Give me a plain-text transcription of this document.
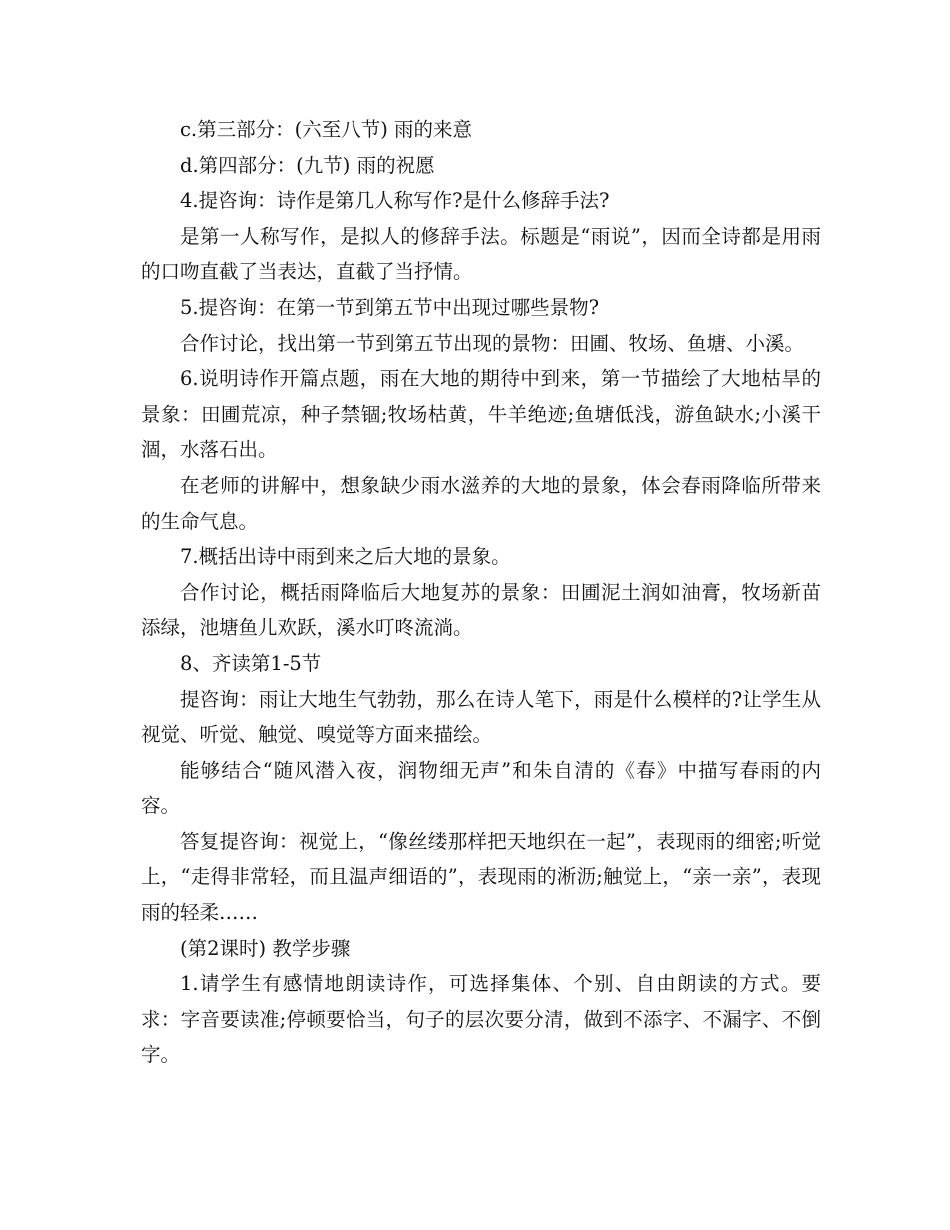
c.第三部分：(六至八节) 雨的来意

d.第四部分：(九节) 雨的祝愿

4.提咨询：诗作是第几人称写作?是什么修辞手法?

是第一人称写作，是拟人的修辞手法。标题是“雨说”，因而全诗都是用雨的口吻直截了当表达，直截了当抒情。

5.提咨询：在第一节到第五节中出现过哪些景物?

合作讨论，找出第一节到第五节出现的景物：田圃、牧场、鱼塘、小溪。

6.说明诗作开篇点题，雨在大地的期待中到来，第一节描绘了大地枯旱的景象：田圃荒凉，种子禁锢;牧场枯黄，牛羊绝迹;鱼塘低浅，游鱼缺水;小溪干涸，水落石出。

在老师的讲解中，想象缺少雨水滋养的大地的景象，体会春雨降临所带来的生命气息。

7.概括出诗中雨到来之后大地的景象。

合作讨论，概括雨降临后大地复苏的景象：田圃泥土润如油膏，牧场新苗添绿，池塘鱼儿欢跃，溪水叮咚流淌。

8、齐读第1-5节

提咨询：雨让大地生气勃勃，那么在诗人笔下，雨是什么模样的?让学生从视觉、听觉、触觉、嗅觉等方面来描绘。

能够结合“随风潜入夜，润物细无声”和朱自清的《春》中描写春雨的内容。

答复提咨询：视觉上，“像丝缕那样把天地织在一起”，表现雨的细密;听觉上，“走得非常轻，而且温声细语的”，表现雨的淅沥;触觉上，“亲一亲”，表现雨的轻柔……

(第2课时) 教学步骤

1.请学生有感情地朗读诗作，可选择集体、个别、自由朗读的方式。要求：字音要读准;停顿要恰当，句子的层次要分清，做到不添字、不漏字、不倒字。
